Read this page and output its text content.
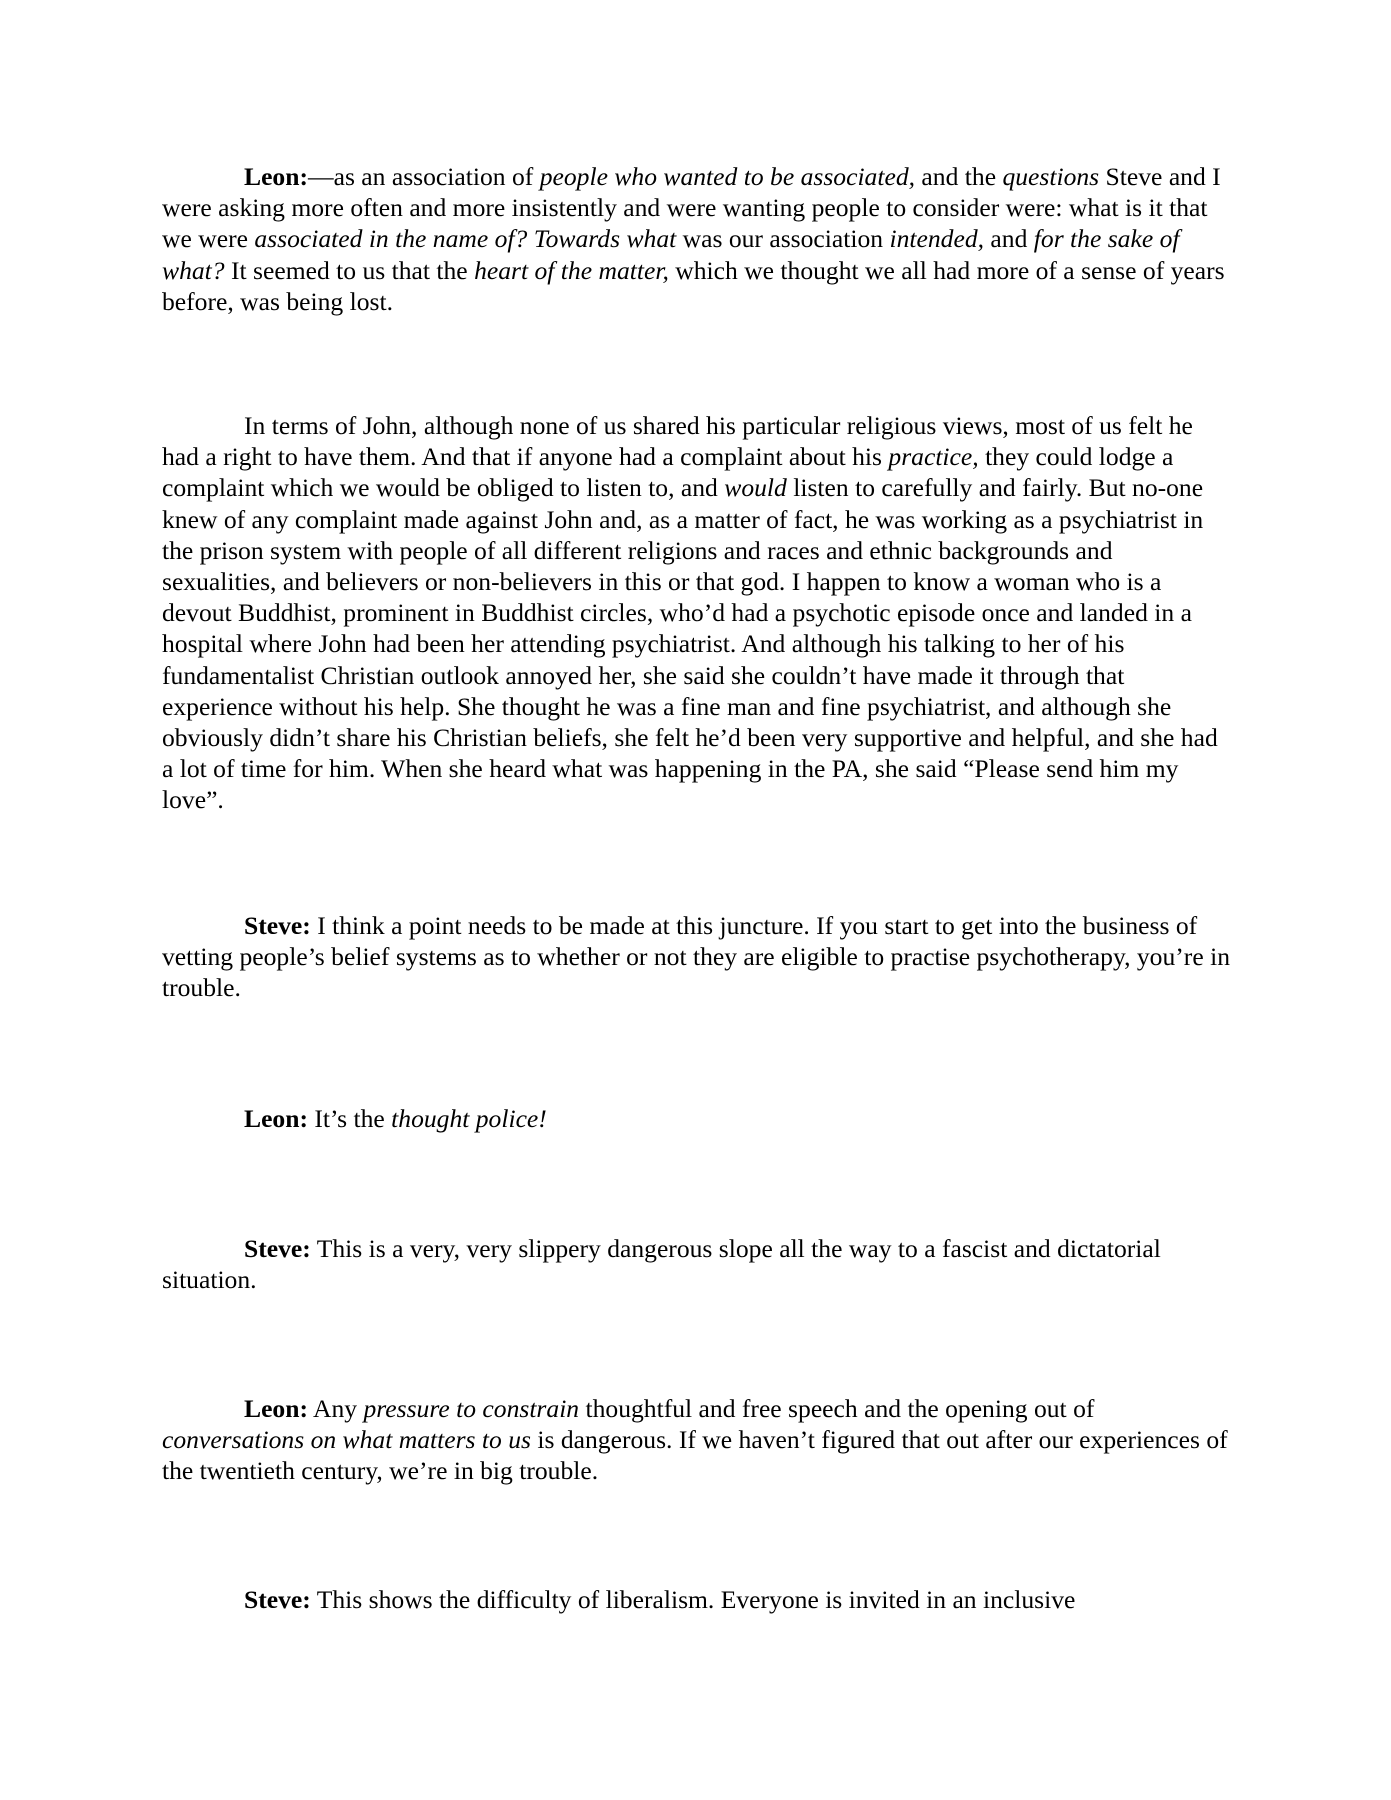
Leon:—as an association of people who wanted to be associated, and the questions Steve and I were asking more often and more insistently and were wanting people to consider were: what is it that we were associated in the name of? Towards what was our association intended, and for the sake of what? It seemed to us that the heart of the matter, which we thought we all had more of a sense of years before, was being lost.

In terms of John, although none of us shared his particular religious views, most of us felt he had a right to have them. And that if anyone had a complaint about his practice, they could lodge a complaint which we would be obliged to listen to, and would listen to carefully and fairly. But no-one knew of any complaint made against John and, as a matter of fact, he was working as a psychiatrist in the prison system with people of all different religions and races and ethnic backgrounds and sexualities, and believers or non-believers in this or that god. I happen to know a woman who is a devout Buddhist, prominent in Buddhist circles, who’d had a psychotic episode once and landed in a hospital where John had been her attending psychiatrist. And although his talking to her of his fundamentalist Christian outlook annoyed her, she said she couldn’t have made it through that experience without his help. She thought he was a fine man and fine psychiatrist, and although she obviously didn’t share his Christian beliefs, she felt he’d been very supportive and helpful, and she had a lot of time for him. When she heard what was happening in the PA, she said “Please send him my love”.

Steve: I think a point needs to be made at this juncture. If you start to get into the business of vetting people’s belief systems as to whether or not they are eligible to practise psychotherapy, you’re in trouble.

Leon: It’s the thought police!

Steve: This is a very, very slippery dangerous slope all the way to a fascist and dictatorial situation.

Leon: Any pressure to constrain thoughtful and free speech and the opening out of conversations on what matters to us is dangerous. If we haven’t figured that out after our experiences of the twentieth century, we’re in big trouble.

Steve: This shows the difficulty of liberalism. Everyone is invited in an inclusive
